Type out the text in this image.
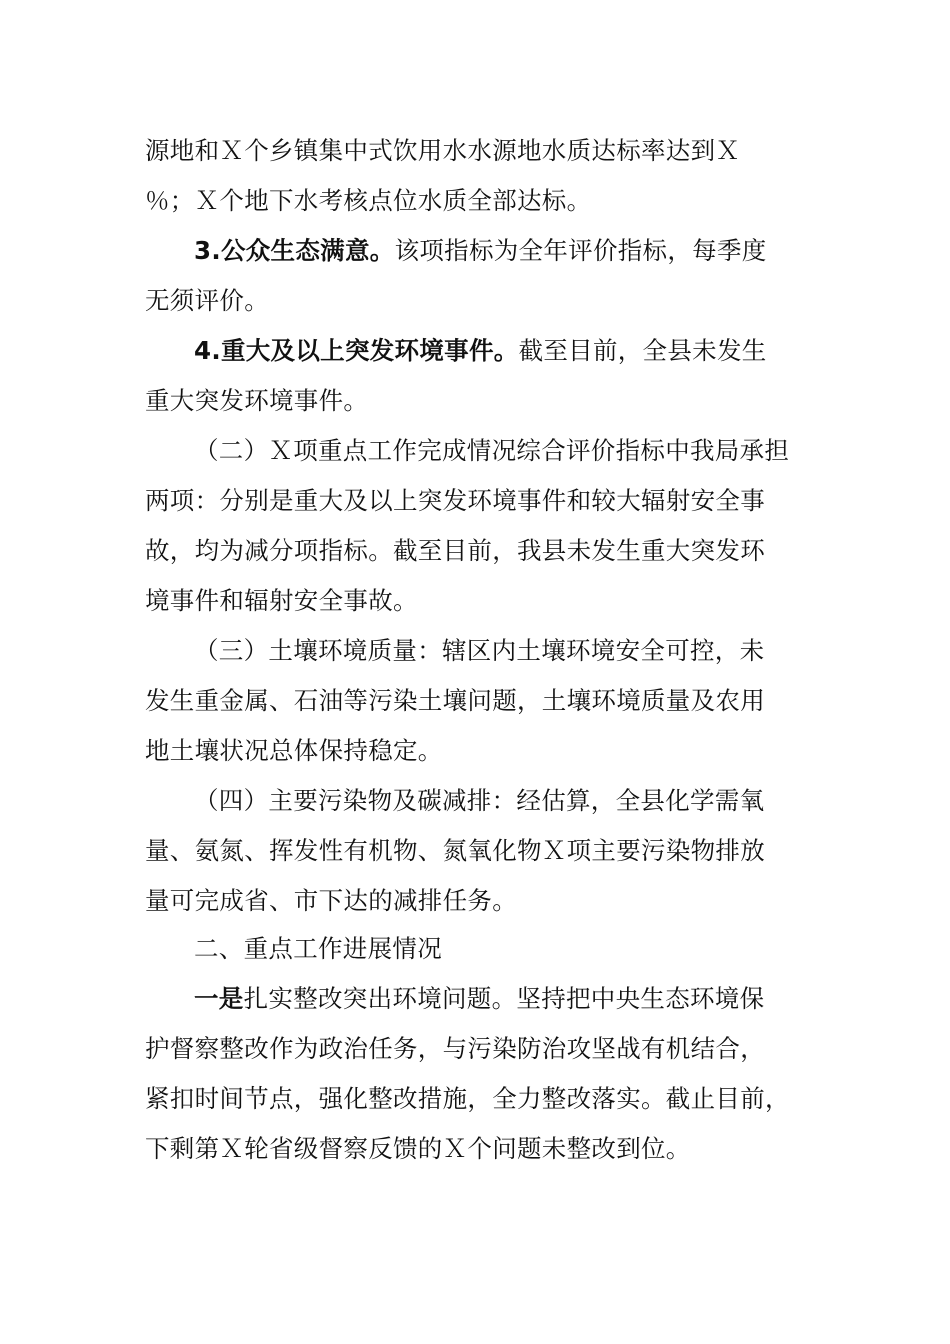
源地和Ｘ个乡镇集中式饮用水水源地水质达标率达到Ｘ

％；Ｘ个地下水考核点位水质全部达标。

3.公众生态满意。该项指标为全年评价指标，每季度

无须评价。

4.重大及以上突发环境事件。截至目前，全县未发生

重大突发环境事件。

（二）Ｘ项重点工作完成情况综合评价指标中我局承担

两项：分别是重大及以上突发环境事件和较大辐射安全事

故，均为减分项指标。截至目前，我县未发生重大突发环

境事件和辐射安全事故。

（三）土壤环境质量：辖区内土壤环境安全可控，未

发生重金属、石油等污染土壤问题，土壤环境质量及农用

地土壤状况总体保持稳定。

（四）主要污染物及碳减排：经估算，全县化学需氧

量、氨氮、挥发性有机物、氮氧化物Ｘ项主要污染物排放

量可完成省、市下达的减排任务。

二、重点工作进展情况

一是扎实整改突出环境问题。坚持把中央生态环境保

护督察整改作为政治任务，与污染防治攻坚战有机结合，

紧扣时间节点，强化整改措施，全力整改落实。截止目前，

下剩第Ｘ轮省级督察反馈的Ｘ个问题未整改到位。
